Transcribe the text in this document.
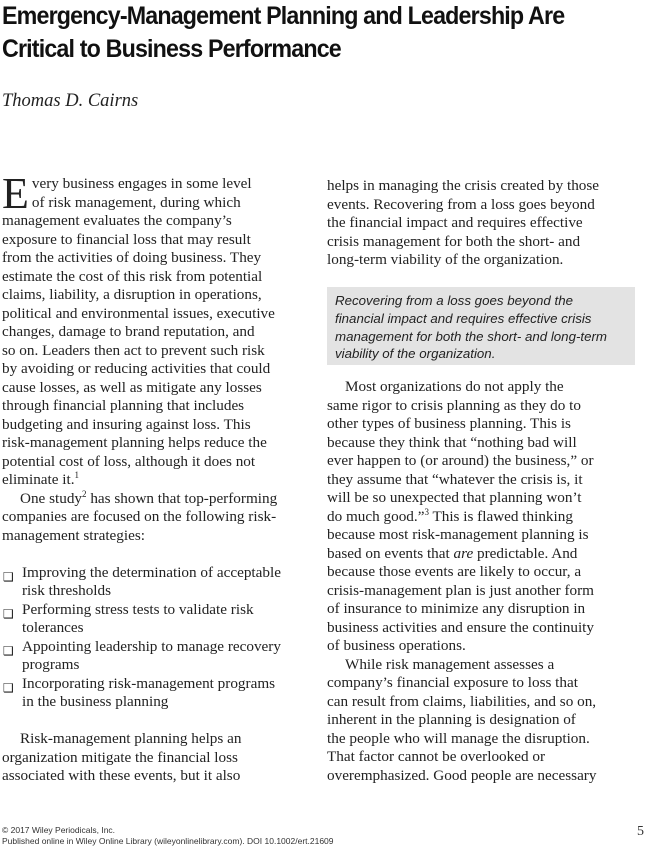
Emergency-Management Planning and Leadership Are
Critical to Business Performance

Thomas D. Cairns

E very business engages in some level
of risk management, during which
management evaluates the company’s
exposure to financial loss that may result
from the activities of doing business. They
estimate the cost of this risk from potential
claims, liability, a disruption in operations,
political and environmental issues, executive
changes, damage to brand reputation, and
so on. Leaders then act to prevent such risk
by avoiding or reducing activities that could
cause losses, as well as mitigate any losses
through financial planning that includes
budgeting and insuring against loss. This
risk-management planning helps reduce the
potential cost of loss, although it does not
eliminate it.$^1$
One study$^2$ has shown that top-performing
companies are focused on the following risk-
management strategies:
❑ Improving the determination of acceptable
risk thresholds
❑ Performing stress tests to validate risk
tolerances
❑ Appointing leadership to manage recovery
programs
❑ Incorporating risk-management programs
in the business planning
Risk-management planning helps an
organization mitigate the financial loss
associated with these events, but it also
helps in managing the crisis created by those
events. Recovering from a loss goes beyond
the financial impact and requires effective
crisis management for both the short- and
long-term viability of the organization.
Recovering from a loss goes beyond the
financial impact and requires effective crisis
management for both the short- and long-term
viability of the organization.
Most organizations do not apply the
same rigor to crisis planning as they do to
other types of business planning. This is
because they think that “nothing bad will
ever happen to (or around) the business,” or
they assume that “whatever the crisis is, it
will be so unexpected that planning won’t
do much good.”$^3$ This is flawed thinking
because most risk-management planning is
based on events that are predictable. And
because those events are likely to occur, a
crisis-management plan is just another form
of insurance to minimize any disruption in
business activities and ensure the continuity
of business operations.
While risk management assesses a
company’s financial exposure to loss that
can result from claims, liabilities, and so on,
inherent in the planning is designation of
the people who will manage the disruption.
That factor cannot be overlooked or
overemphasized. Good people are necessary
© 2017 Wiley Periodicals, Inc.
Published online in Wiley Online Library (wileyonlinelibrary.com). DOI 10.1002/ert.21609
5
